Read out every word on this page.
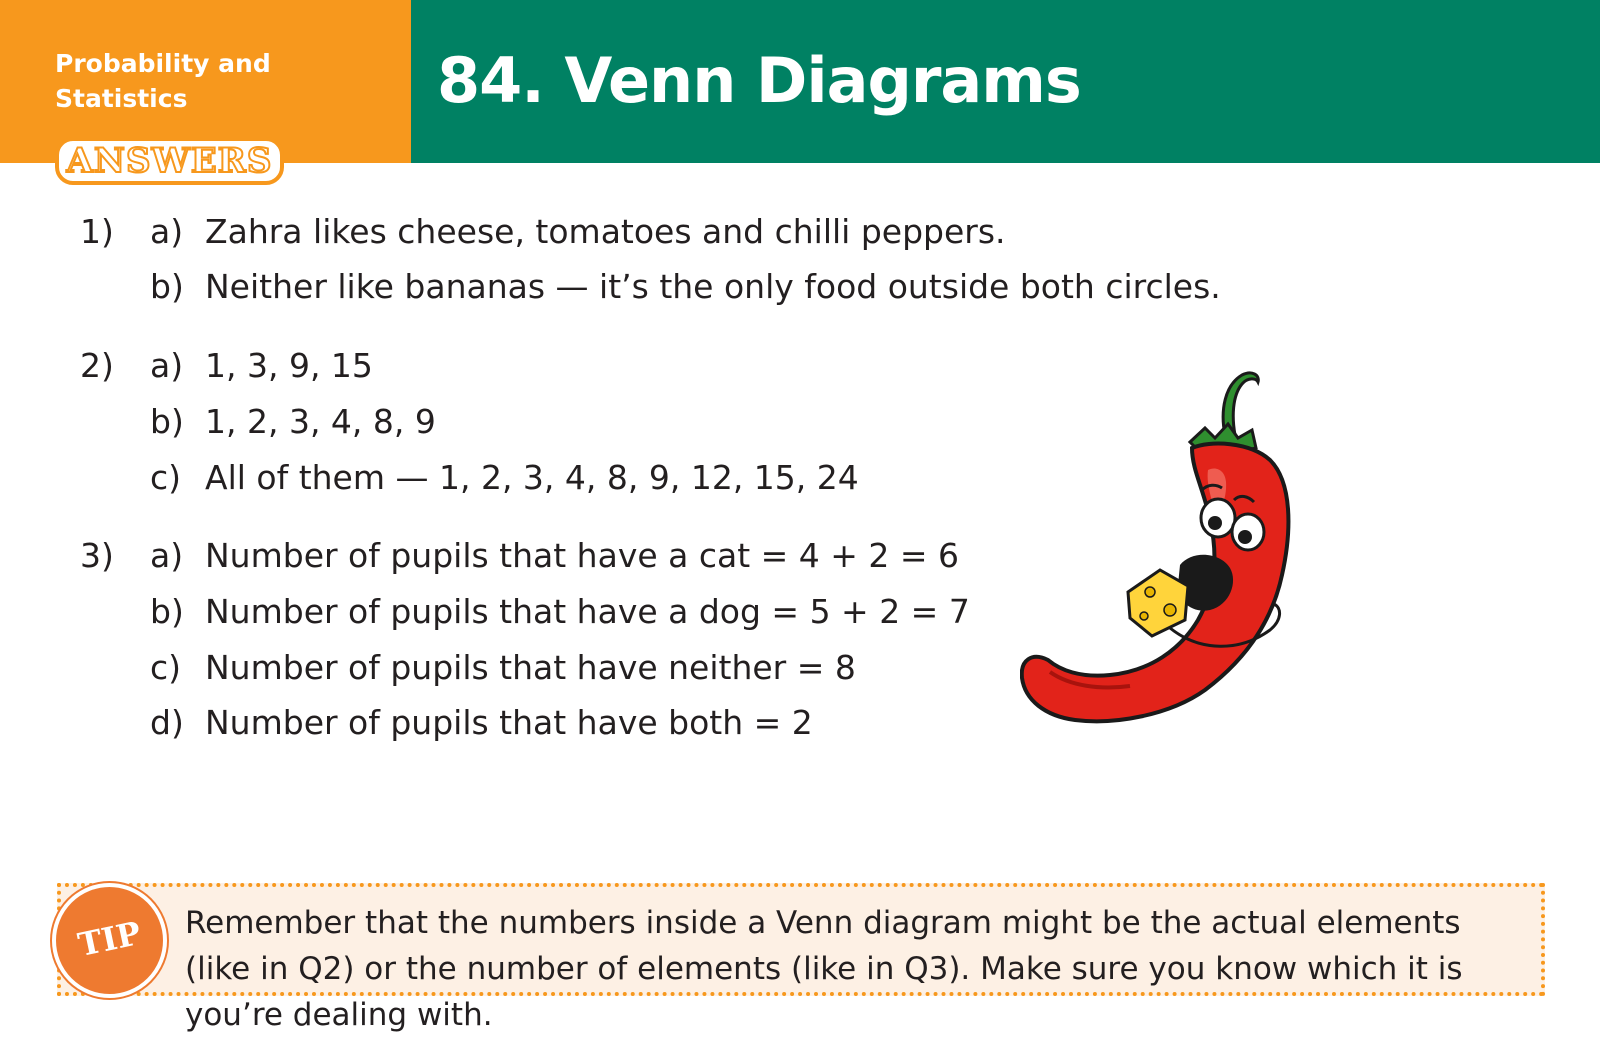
Probability and Statistics	84. Venn Diagrams
ANSWERS
1) a) Zahra likes cheese, tomatoes and chilli peppers.
b) Neither like bananas — it’s the only food outside both circles.
2) a) 1, 3, 9, 15
b) 1, 2, 3, 4, 8, 9
c) All of them — 1, 2, 3, 4, 8, 9, 12, 15, 24
3) a) Number of pupils that have a cat = 4 + 2 = 6
b) Number of pupils that have a dog = 5 + 2 = 7
c) Number of pupils that have neither = 8
d) Number of pupils that have both = 2
TIP	Remember that the numbers inside a Venn diagram might be the actual elements (like in Q2) or the number of elements (like in Q3). Make sure you know which it is you’re dealing with.
